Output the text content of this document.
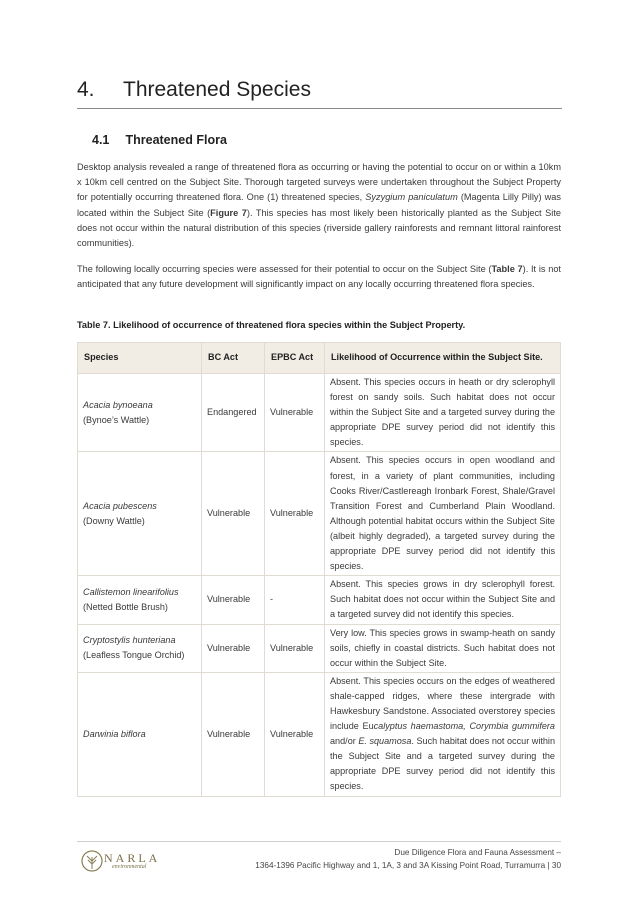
4. Threatened Species
4.1 Threatened Flora

Desktop analysis revealed a range of threatened flora as occurring or having the potential to occur on or within a 10km x 10km cell centred on the Subject Site. Thorough targeted surveys were undertaken throughout the Subject Property for potentially occurring threatened flora. One (1) threatened species, Syzygium paniculatum (Magenta Lilly Pilly) was located within the Subject Site (Figure 7). This species has most likely been historically planted as the Subject Site does not occur within the natural distribution of this species (riverside gallery rainforests and remnant littoral rainforest communities).

The following locally occurring species were assessed for their potential to occur on the Subject Site (Table 7). It is not anticipated that any future development will significantly impact on any locally occurring threatened flora species.

Table 7. Likelihood of occurrence of threatened flora species within the Subject Property.
Species	BC Act	EPBC Act	Likelihood of Occurrence within the Subject Site.

Acacia bynoeana
(Bynoe’s Wattle)	Endangered	Vulnerable	Absent. This species occurs in heath or dry sclerophyll forest on sandy soils. Such habitat does not occur within the Subject Site and a targeted survey during the appropriate DPE survey period did not identify this species.

Acacia pubescens
(Downy Wattle)	Vulnerable	Vulnerable	Absent. This species occurs in open woodland and forest, in a variety of plant communities, including Cooks River/Castlereagh Ironbark Forest, Shale/Gravel Transition Forest and Cumberland Plain Woodland. Although potential habitat occurs within the Subject Site (albeit highly degraded), a targeted survey during the appropriate DPE survey period did not identify this species.

Callistemon linearifolius
(Netted Bottle Brush)	Vulnerable	-	Absent. This species grows in dry sclerophyll forest. Such habitat does not occur within the Subject Site and a targeted survey did not identify this species.

Cryptostylis hunteriana
(Leafless Tongue Orchid)	Vulnerable	Vulnerable	Very low. This species grows in swamp-heath on sandy soils, chiefly in coastal districts. Such habitat does not occur within the Subject Site.

Darwinia biflora	Vulnerable	Vulnerable	Absent. This species occurs on the edges of weathered shale-capped ridges, where these intergrade with Hawkesbury Sandstone. Associated overstorey species include Eucalyptus haemastoma, Corymbia gummifera and/or E. squamosa. Such habitat does not occur within the Subject Site and a targeted survey during the appropriate DPE survey period did not identify this species.
NARLA
environmental
Due Diligence Flora and Fauna Assessment –
1364-1396 Pacific Highway and 1, 1A, 3 and 3A Kissing Point Road, Turramurra | 30
